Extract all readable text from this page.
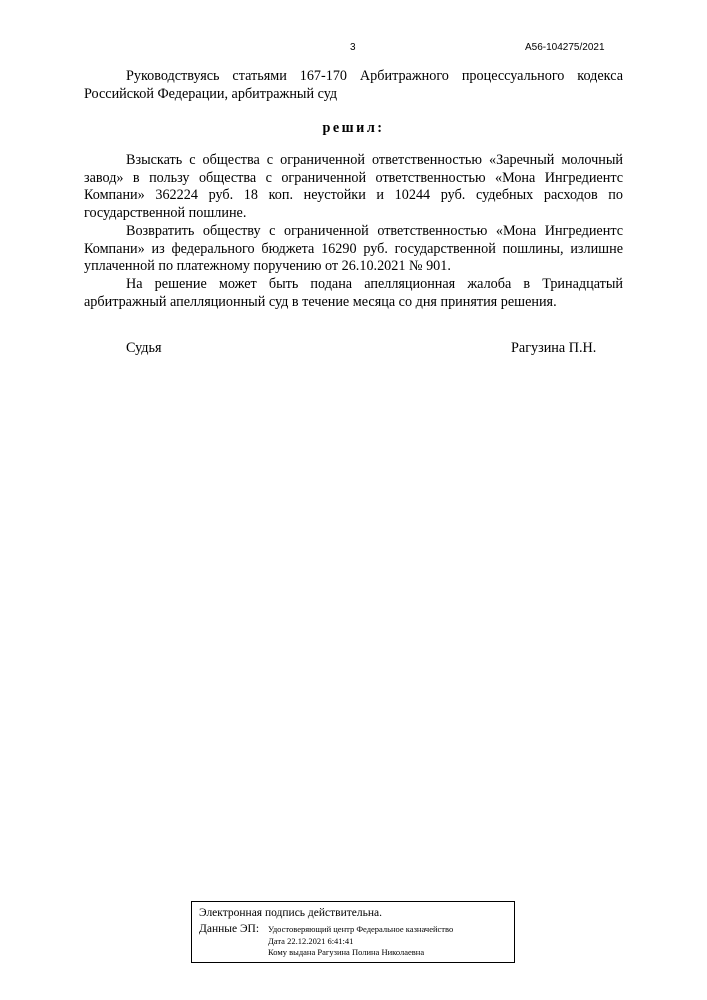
3	А56-104275/2021

Руководствуясь статьями 167-170 Арбитражного процессуального кодекса Российской Федерации, арбитражный суд

решил:

Взыскать с общества с ограниченной ответственностью «Заречный молочный завод» в пользу общества с ограниченной ответственностью «Мона Ингредиентс Компани» 362224 руб. 18 коп. неустойки и 10244 руб. судебных расходов по государственной пошлине.

Возвратить обществу с ограниченной ответственностью «Мона Ингредиентс Компани» из федерального бюджета 16290 руб. государственной пошлины, излишне уплаченной по платежному поручению от 26.10.2021 № 901.

На решение может быть подана апелляционная жалоба в Тринадцатый арбитражный апелляционный суд в течение месяца со дня принятия решения.

Судья	Рагузина П.Н.
Электронная подпись действительна.
Данные ЭП:	Удостоверяющий центр Федеральное казначейство
Дата 22.12.2021 6:41:41
Кому выдана Рагузина Полина Николаевна
